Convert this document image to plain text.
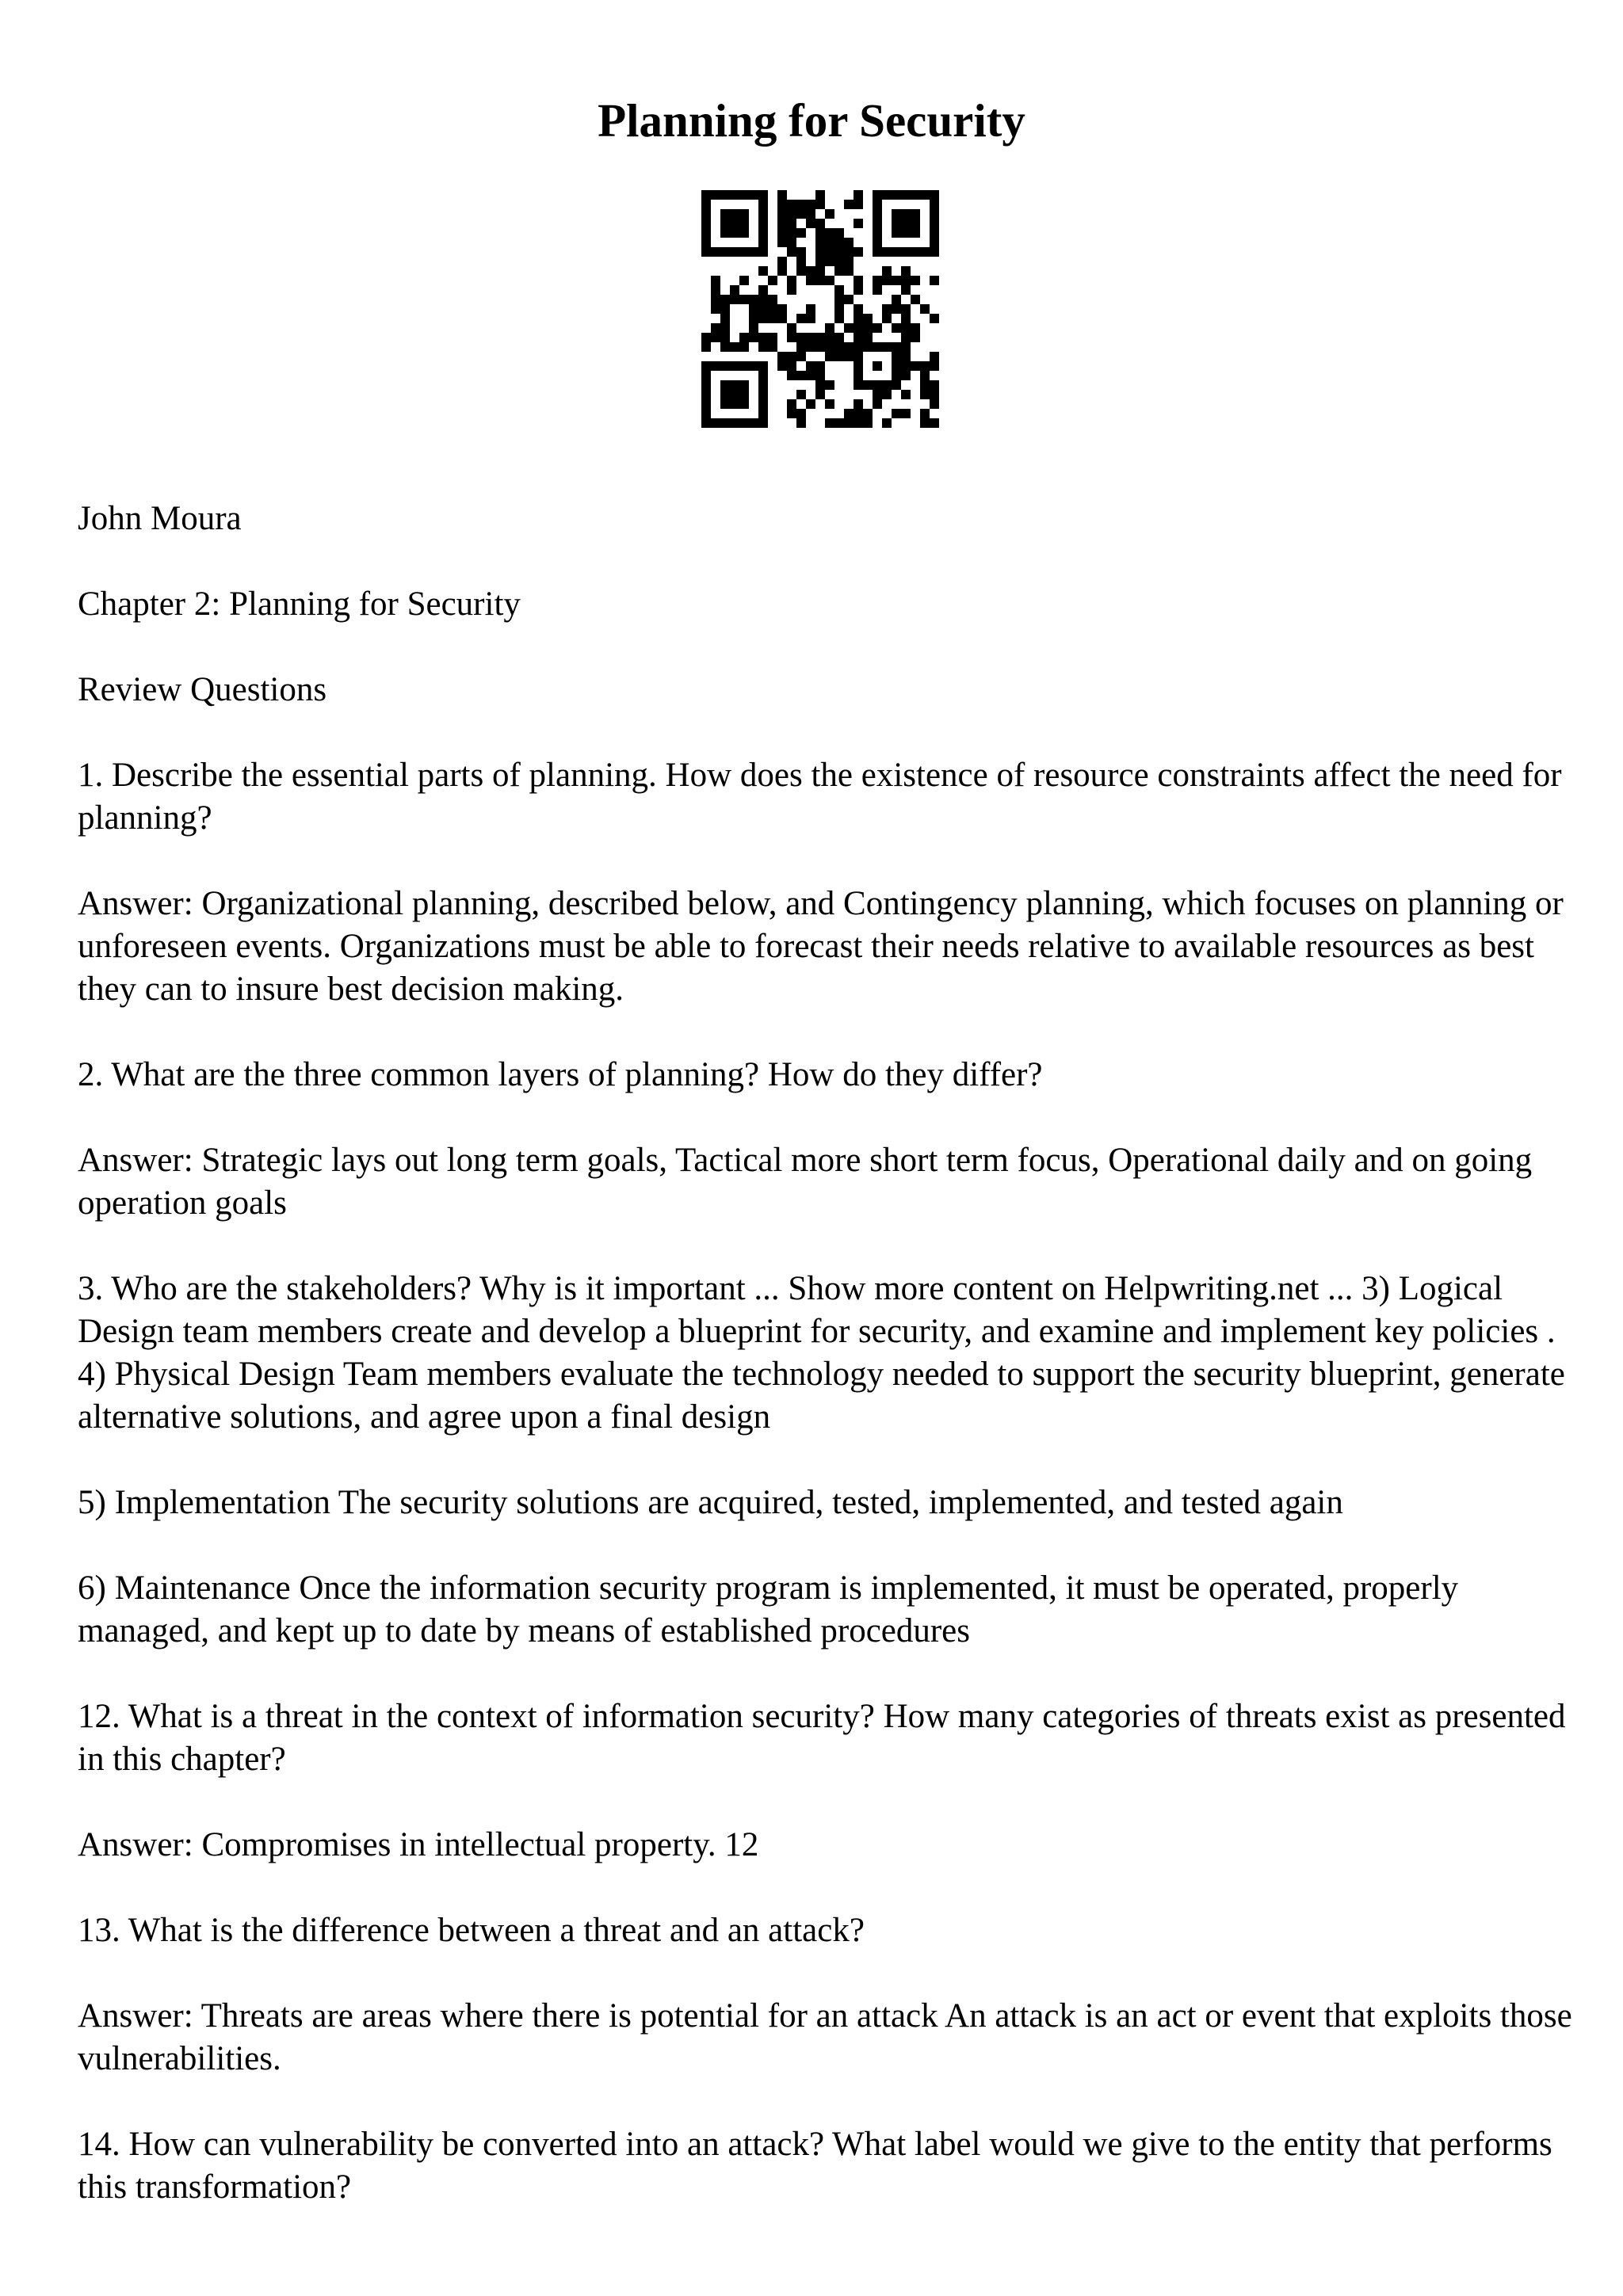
Planning for Security

John Moura

Chapter 2: Planning for Security

Review Questions

1. Describe the essential parts of planning. How does the existence of resource constraints affect the need for planning?

Answer: Organizational planning, described below, and Contingency planning, which focuses on planning or unforeseen events. Organizations must be able to forecast their needs relative to available resources as best they can to insure best decision making.

2. What are the three common layers of planning? How do they differ?

Answer: Strategic lays out long term goals, Tactical more short term focus, Operational daily and on going operation goals

3. Who are the stakeholders? Why is it important ... Show more content on Helpwriting.net ... 3) Logical Design team members create and develop a blueprint for security, and examine and implement key policies . 4) Physical Design Team members evaluate the technology needed to support the security blueprint, generate alternative solutions, and agree upon a final design

5) Implementation The security solutions are acquired, tested, implemented, and tested again

6) Maintenance Once the information security program is implemented, it must be operated, properly managed, and kept up to date by means of established procedures

12. What is a threat in the context of information security? How many categories of threats exist as presented in this chapter?

Answer: Compromises in intellectual property. 12

13. What is the difference between a threat and an attack?

Answer: Threats are areas where there is potential for an attack An attack is an act or event that exploits those vulnerabilities.

14. How can vulnerability be converted into an attack? What label would we give to the entity that performs this transformation?
